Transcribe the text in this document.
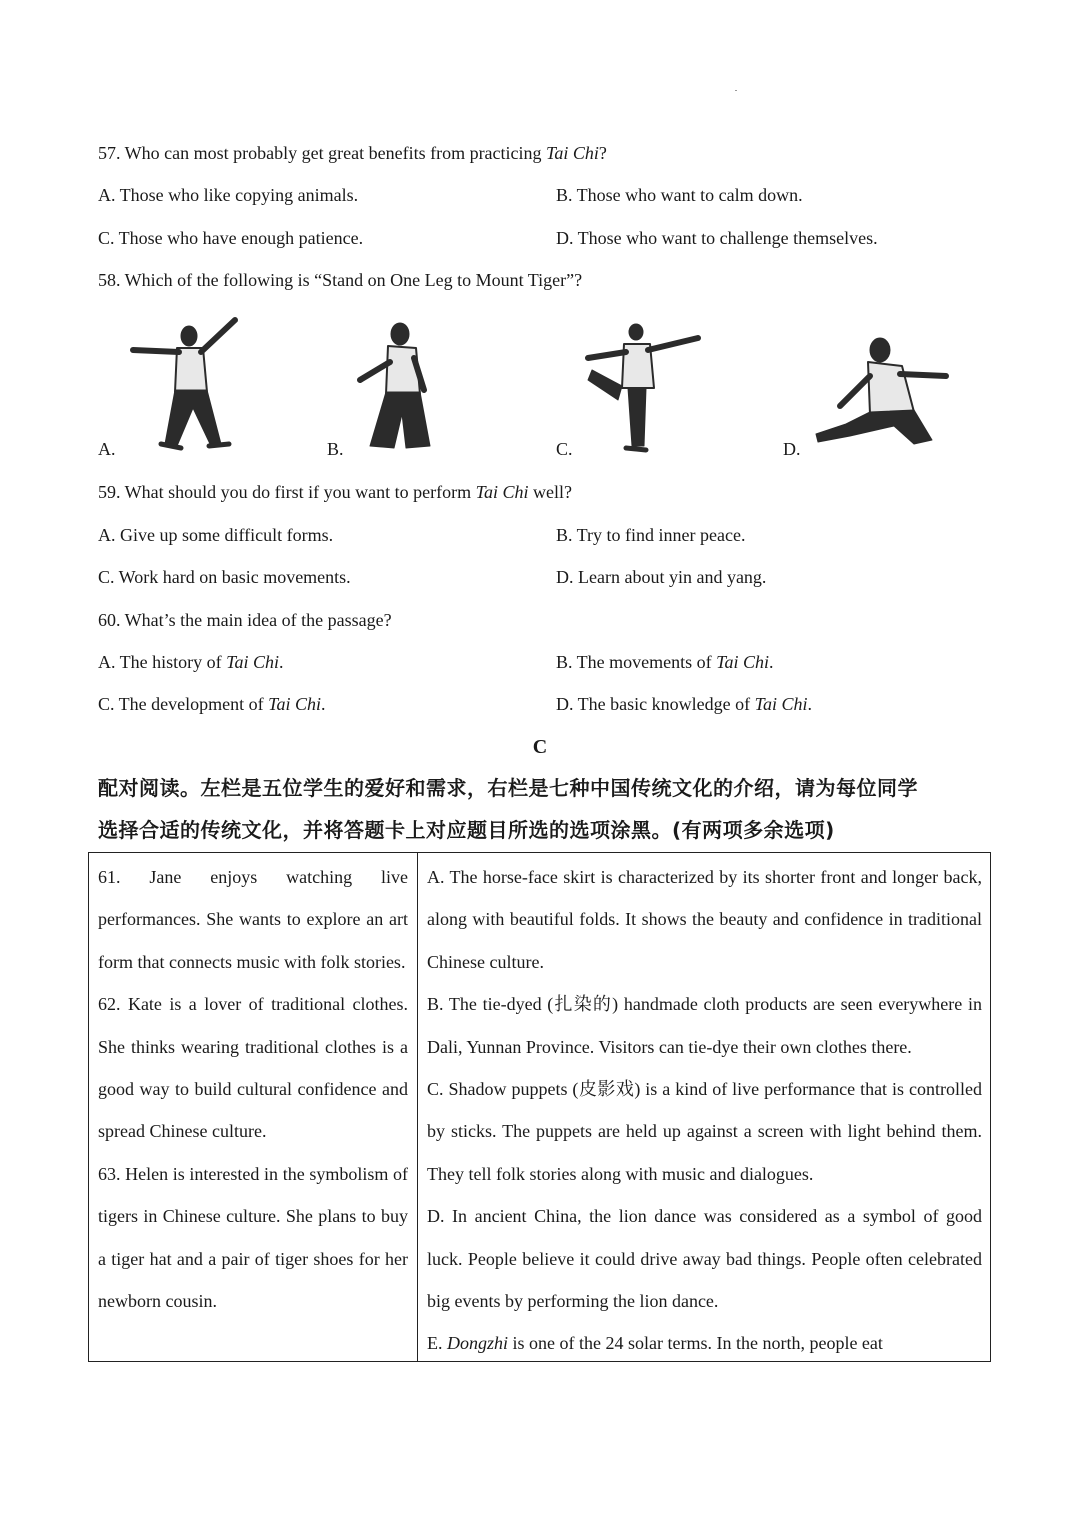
57. Who can most probably get great benefits from practicing Tai Chi?
A. Those who like copying animals.	B. Those who want to calm down.
C. Those who have enough patience.	D. Those who want to challenge themselves.
58. Which of the following is “Stand on One Leg to Mount Tiger”?
A.	B.	C.	D.
59. What should you do first if you want to perform Tai Chi well?
A. Give up some difficult forms.	B. Try to find inner peace.
C. Work hard on basic movements.	D. Learn about yin and yang.
60. What’s the main idea of the passage?
A. The history of Tai Chi.	B. The movements of Tai Chi.
C. The development of Tai Chi.	D. The basic knowledge of Tai Chi.
C
配对阅读。左栏是五位学生的爱好和需求，右栏是七种中国传统文化的介绍，请为每位同学
选择合适的传统文化，并将答题卡上对应题目所选的选项涂黑。(有两项多余选项)

61. Jane enjoys watching live performances. She wants to explore an art form that connects music with folk stories.

62. Kate is a lover of traditional clothes. She thinks wearing traditional clothes is a good way to build cultural confidence and spread Chinese culture.

63. Helen is interested in the symbolism of tigers in Chinese culture. She plans to buy a tiger hat and a pair of tiger shoes for her newborn cousin.

A. The horse-face skirt is characterized by its shorter front and longer back, along with beautiful folds. It shows the beauty and confidence in traditional Chinese culture.

B. The tie-dyed (扎染的) handmade cloth products are seen everywhere in Dali, Yunnan Province. Visitors can tie-dye their own clothes there.

C. Shadow puppets (皮影戏) is a kind of live performance that is controlled by sticks. The puppets are held up against a screen with light behind them. They tell folk stories along with music and dialogues.

D. In ancient China, the lion dance was considered as a symbol of good luck. People believe it could drive away bad things. People often celebrated big events by performing the lion dance.

E. Dongzhi is one of the 24 solar terms. In the north, people eat
